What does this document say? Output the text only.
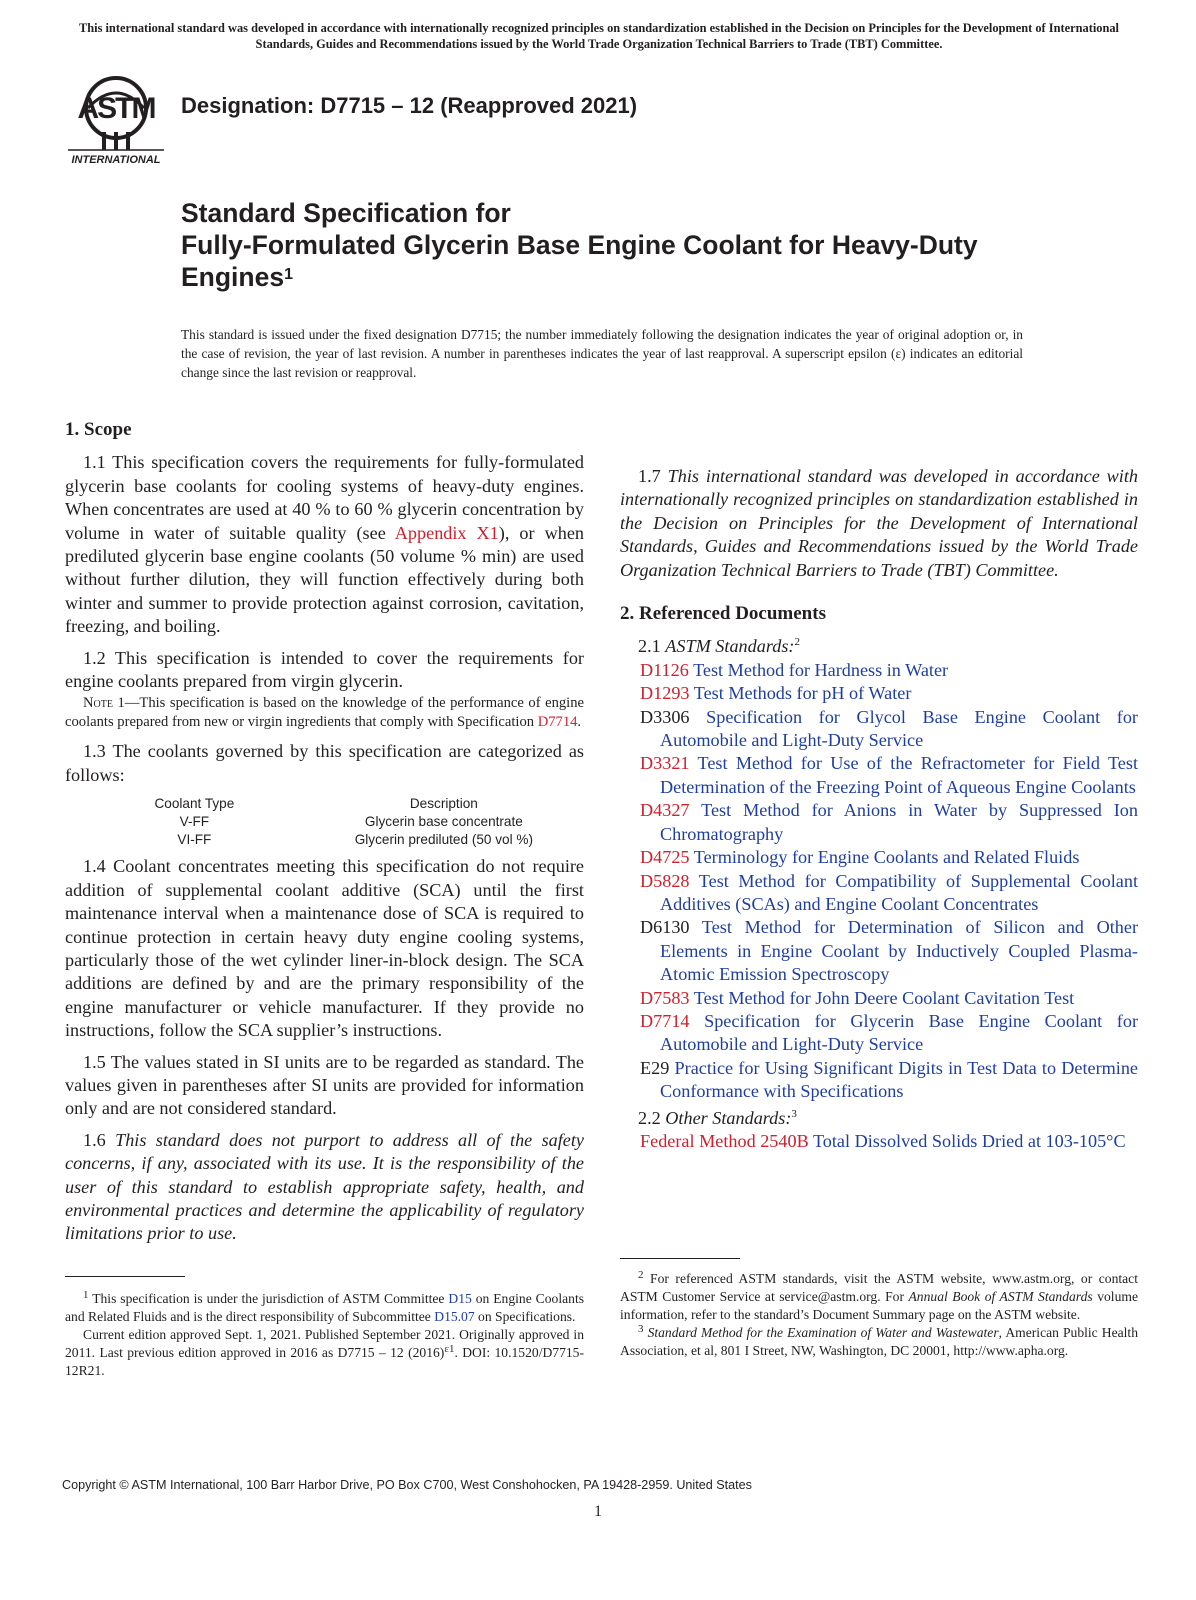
This international standard was developed in accordance with internationally recognized principles on standardization established in the Decision on Principles for the Development of International Standards, Guides and Recommendations issued by the World Trade Organization Technical Barriers to Trade (TBT) Committee.
ASTM
INTERNATIONAL
Designation: D7715 – 12 (Reapproved 2021)
Standard Specification for
Fully-Formulated Glycerin Base Engine Coolant for Heavy-Duty Engines$^1$
This standard is issued under the fixed designation D7715; the number immediately following the designation indicates the year of original adoption or, in the case of revision, the year of last revision. A number in parentheses indicates the year of last reapproval. A superscript epsilon (ε) indicates an editorial change since the last revision or reapproval.

1. Scope

1.1 This specification covers the requirements for fully-formulated glycerin base coolants for cooling systems of heavy-duty engines. When concentrates are used at 40 % to 60 % glycerin concentration by volume in water of suitable quality (see Appendix X1), or when prediluted glycerin base engine coolants (50 volume % min) are used without further dilution, they will function effectively during both winter and summer to provide protection against corrosion, cavitation, freezing, and boiling.

1.2 This specification is intended to cover the requirements for engine coolants prepared from virgin glycerin.

Note 1—This specification is based on the knowledge of the performance of engine coolants prepared from new or virgin ingredients that comply with Specification D7714.

1.3 The coolants governed by this specification are categorized as follows:

Coolant Type	Description
V-FF	Glycerin base concentrate
VI-FF	Glycerin prediluted (50 vol %)

1.4 Coolant concentrates meeting this specification do not require addition of supplemental coolant additive (SCA) until the first maintenance interval when a maintenance dose of SCA is required to continue protection in certain heavy duty engine cooling systems, particularly those of the wet cylinder liner-in-block design. The SCA additions are defined by and are the primary responsibility of the engine manufacturer or vehicle manufacturer. If they provide no instructions, follow the SCA supplier’s instructions.

1.5 The values stated in SI units are to be regarded as standard. The values given in parentheses after SI units are provided for information only and are not considered standard.

1.6 This standard does not purport to address all of the safety concerns, if any, associated with its use. It is the responsibility of the user of this standard to establish appropriate safety, health, and environmental practices and determine the applicability of regulatory limitations prior to use.

1.7 This international standard was developed in accordance with internationally recognized principles on standardization established in the Decision on Principles for the Development of International Standards, Guides and Recommendations issued by the World Trade Organization Technical Barriers to Trade (TBT) Committee.

2. Referenced Documents

2.1 ASTM Standards:$^2$

D1126 Test Method for Hardness in Water

D1293 Test Methods for pH of Water

D3306 Specification for Glycol Base Engine Coolant for Automobile and Light-Duty Service

D3321 Test Method for Use of the Refractometer for Field Test Determination of the Freezing Point of Aqueous Engine Coolants

D4327 Test Method for Anions in Water by Suppressed Ion Chromatography

D4725 Terminology for Engine Coolants and Related Fluids

D5828 Test Method for Compatibility of Supplemental Coolant Additives (SCAs) and Engine Coolant Concentrates

D6130 Test Method for Determination of Silicon and Other Elements in Engine Coolant by Inductively Coupled Plasma-Atomic Emission Spectroscopy

D7583 Test Method for John Deere Coolant Cavitation Test

D7714 Specification for Glycerin Base Engine Coolant for Automobile and Light-Duty Service

E29 Practice for Using Significant Digits in Test Data to Determine Conformance with Specifications

2.2 Other Standards:$^3$

Federal Method 2540B Total Dissolved Solids Dried at 103-105°C

$^1$ This specification is under the jurisdiction of ASTM Committee D15 on Engine Coolants and Related Fluids and is the direct responsibility of Subcommittee D15.07 on Specifications.

Current edition approved Sept. 1, 2021. Published September 2021. Originally approved in 2011. Last previous edition approved in 2016 as D7715 – 12 (2016)$^{\varepsilon 1}$. DOI: 10.1520/D7715-12R21.

$^2$ For referenced ASTM standards, visit the ASTM website, www.astm.org, or contact ASTM Customer Service at service@astm.org. For Annual Book of ASTM Standards volume information, refer to the standard’s Document Summary page on the ASTM website.

$^3$ Standard Method for the Examination of Water and Wastewater, American Public Health Association, et al, 801 I Street, NW, Washington, DC 20001, http://www.apha.org.

Copyright © ASTM International, 100 Barr Harbor Drive, PO Box C700, West Conshohocken, PA 19428-2959. United States
1
